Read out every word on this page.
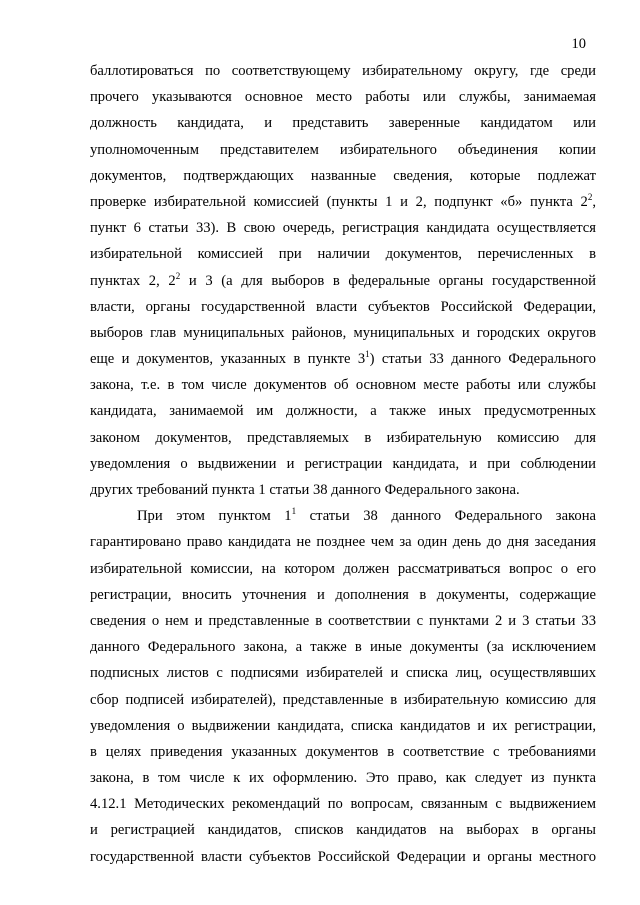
10
баллотироваться по соответствующему избирательному округу, где среди
прочего указываются основное место работы или службы, занимаемая
должность кандидата, и представить заверенные кандидатом или
уполномоченным представителем избирательного объединения копии
документов, подтверждающих названные сведения, которые подлежат
проверке избирательной комиссией (пункты 1 и 2, подпункт «б» пункта $2^2$,
пункт 6 статьи 33). В свою очередь, регистрация кандидата осуществляется
избирательной комиссией при наличии документов, перечисленных в
пунктах 2, $2^2$ и 3 (а для выборов в федеральные органы государственной
власти, органы государственной власти субъектов Российской Федерации,
выборов глав муниципальных районов, муниципальных и городских округов
еще и документов, указанных в пункте $3^1$) статьи 33 данного Федерального
закона, т.е. в том числе документов об основном месте работы или службы
кандидата, занимаемой им должности, а также иных предусмотренных
законом документов, представляемых в избирательную комиссию для
уведомления о выдвижении и регистрации кандидата, и при соблюдении
других требований пункта 1 статьи 38 данного Федерального закона.
При этом пунктом $1^1$ статьи 38 данного Федерального закона
гарантировано право кандидата не позднее чем за один день до дня заседания
избирательной комиссии, на котором должен рассматриваться вопрос о его
регистрации, вносить уточнения и дополнения в документы, содержащие
сведения о нем и представленные в соответствии с пунктами 2 и 3 статьи 33
данного Федерального закона, а также в иные документы (за исключением
подписных листов с подписями избирателей и списка лиц, осуществлявших
сбор подписей избирателей), представленные в избирательную комиссию для
уведомления о выдвижении кандидата, списка кандидатов и их регистрации,
в целях приведения указанных документов в соответствие с требованиями
закона, в том числе к их оформлению. Это право, как следует из пункта
4.12.1 Методических рекомендаций по вопросам, связанным с выдвижением
и регистрацией кандидатов, списков кандидатов на выборах в органы
государственной власти субъектов Российской Федерации и органы местного
